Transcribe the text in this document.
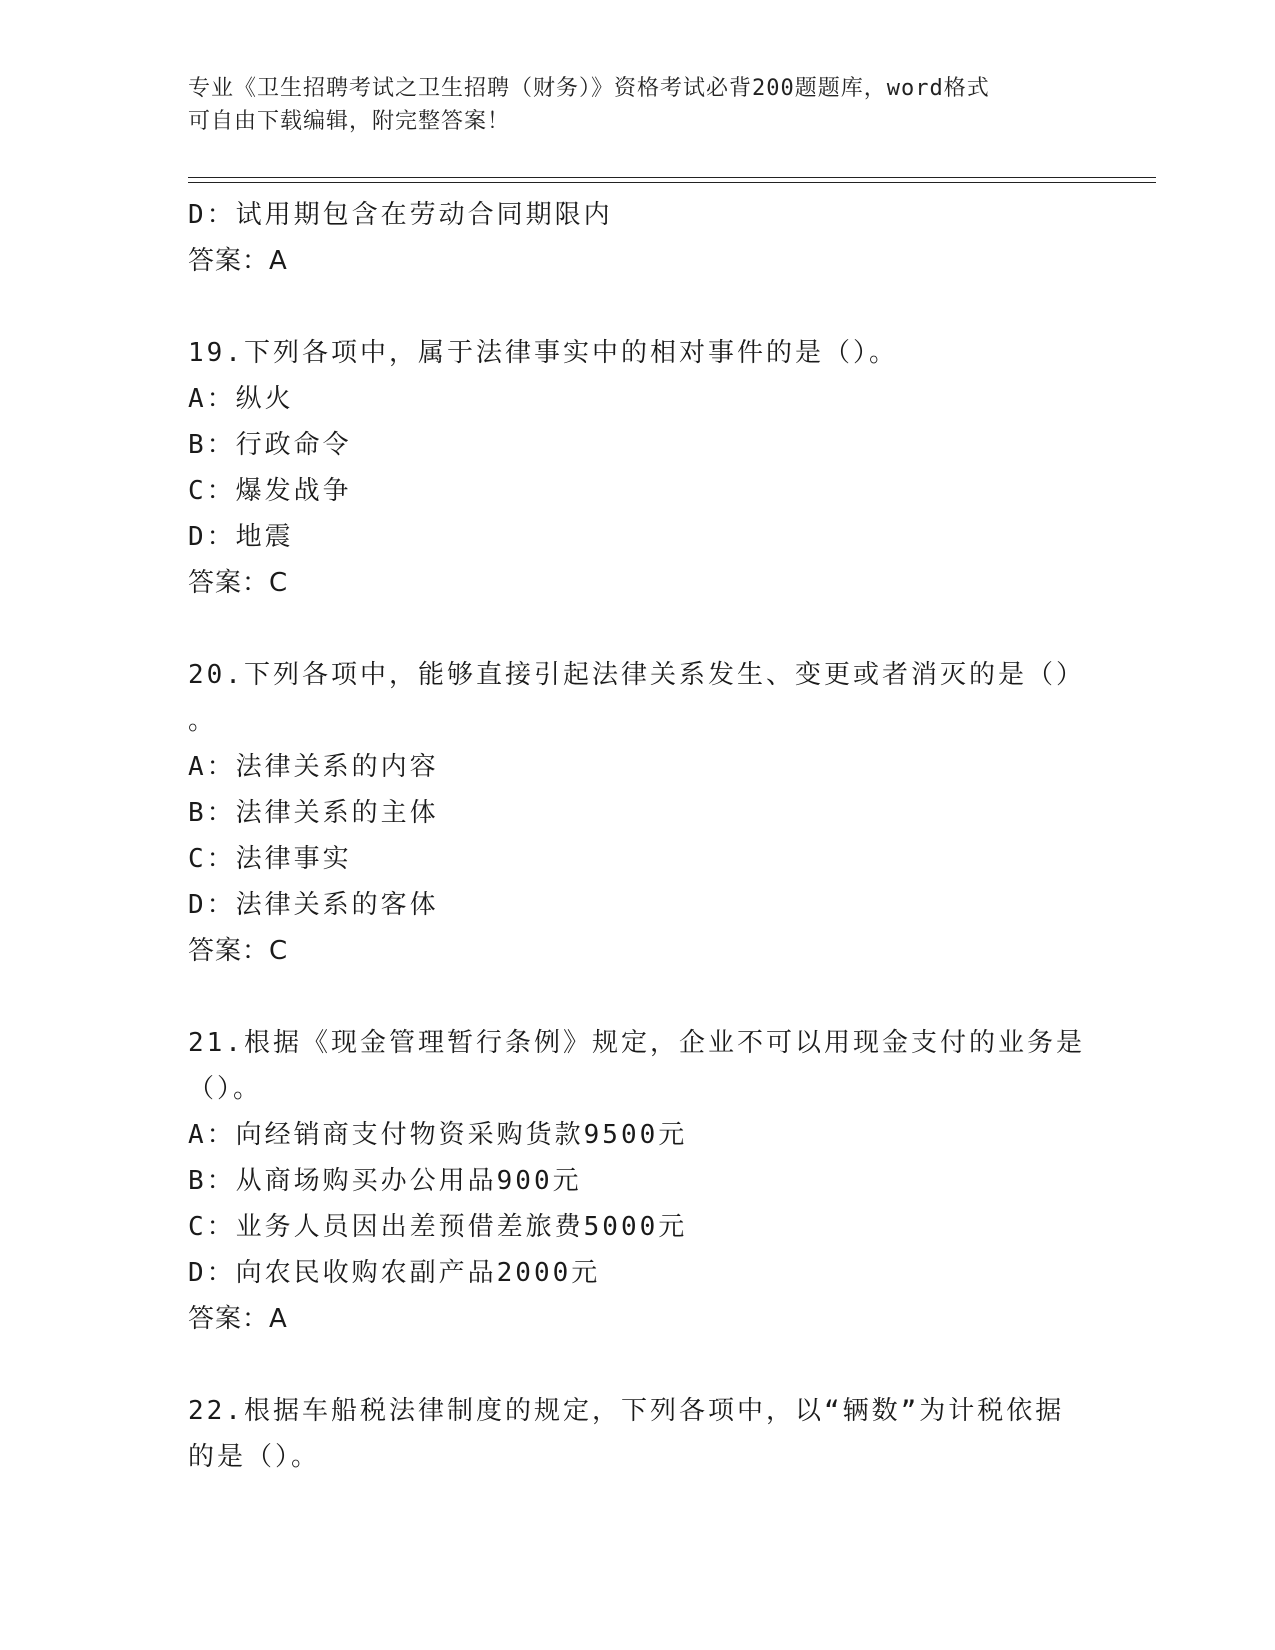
专业《卫生招聘考试之卫生招聘（财务）》资格考试必背200题题库，word格式
可自由下载编辑，附完整答案！
D：试用期包含在劳动合同期限内
答案：A
19.下列各项中，属于法律事实中的相对事件的是（）。
A：纵火
B：行政命令
C：爆发战争
D：地震
答案：C
20.下列各项中，能够直接引起法律关系发生、变更或者消灭的是（）
。
A：法律关系的内容
B：法律关系的主体
C：法律事实
D：法律关系的客体
答案：C
21.根据《现金管理暂行条例》规定，企业不可以用现金支付的业务是
（）。
A：向经销商支付物资采购货款9500元
B：从商场购买办公用品900元
C：业务人员因出差预借差旅费5000元
D：向农民收购农副产品2000元
答案：A
22.根据车船税法律制度的规定，下列各项中，以“辆数”为计税依据
的是（）。
